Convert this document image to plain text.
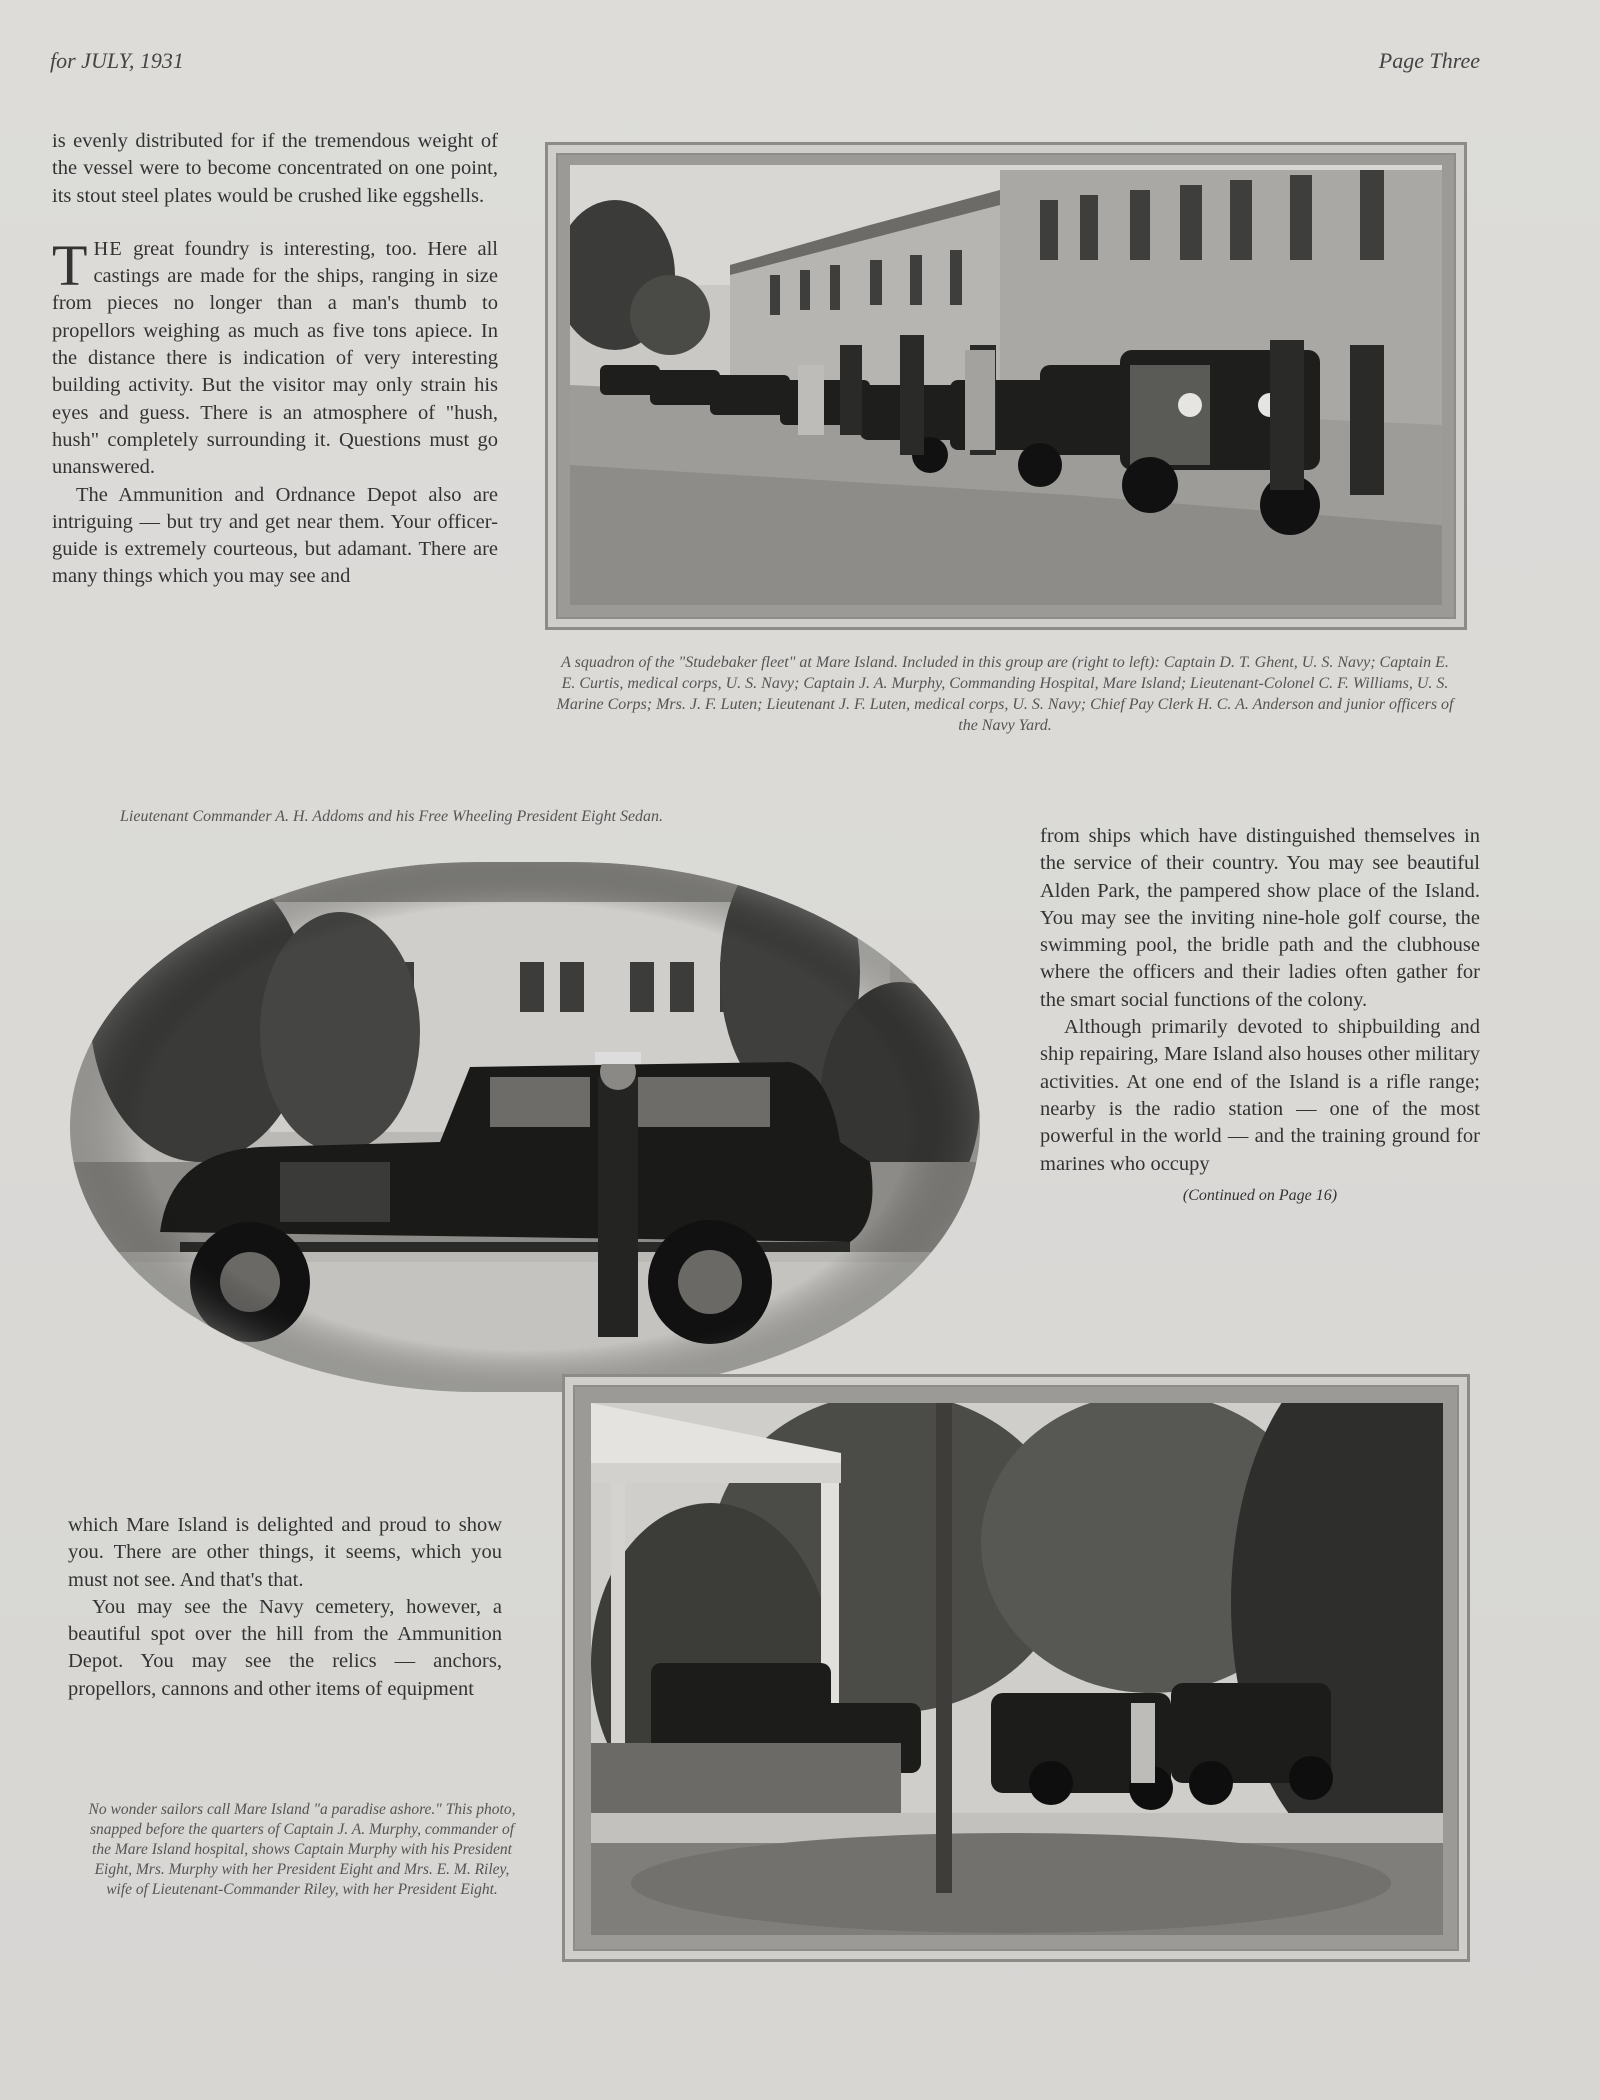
for JULY, 1931	Page Three

is evenly distributed for if the tremendous weight of the vessel were to become concentrated on one point, its stout steel plates would be crushed like eggshells.

THE great foundry is interesting, too. Here all castings are made for the ships, ranging in size from pieces no longer than a man's thumb to propellors weighing as much as five tons apiece. In the distance there is indication of very interesting building activity. But the visitor may only strain his eyes and guess. There is an atmosphere of "hush, hush" completely surrounding it. Questions must go unanswered.

The Ammunition and Ordnance Depot also are intriguing — but try and get near them. Your officer-guide is extremely courteous, but adamant. There are many things which you may see and

A squadron of the "Studebaker fleet" at Mare Island. Included in this group are (right to left): Captain D. T. Ghent, U. S. Navy; Captain E. E. Curtis, medical corps, U. S. Navy; Captain J. A. Murphy, Commanding Hospital, Mare Island; Lieutenant-Colonel C. F. Williams, U. S. Marine Corps; Mrs. J. F. Luten; Lieutenant J. F. Luten, medical corps, U. S. Navy; Chief Pay Clerk H. C. A. Anderson and junior officers of the Navy Yard.
Lieutenant Commander A. H. Addoms and his Free Wheeling President Eight Sedan.

from ships which have distinguished themselves in the service of their country. You may see beautiful Alden Park, the pampered show place of the Island. You may see the inviting nine-hole golf course, the swimming pool, the bridle path and the clubhouse where the officers and their ladies often gather for the smart social functions of the colony.

Although primarily devoted to shipbuilding and ship repairing, Mare Island also houses other military activities. At one end of the Island is a rifle range; nearby is the radio station — one of the most powerful in the world — and the training ground for marines who occupy

(Continued on Page 16)

which Mare Island is delighted and proud to show you. There are other things, it seems, which you must not see. And that's that.

You may see the Navy cemetery, however, a beautiful spot over the hill from the Ammunition Depot. You may see the relics — anchors, propellors, cannons and other items of equipment

No wonder sailors call Mare Island "a paradise ashore." This photo, snapped before the quarters of Captain J. A. Murphy, commander of the Mare Island hospital, shows Captain Murphy with his President Eight, Mrs. Murphy with her President Eight and Mrs. E. M. Riley, wife of Lieutenant-Commander Riley, with her President Eight.
